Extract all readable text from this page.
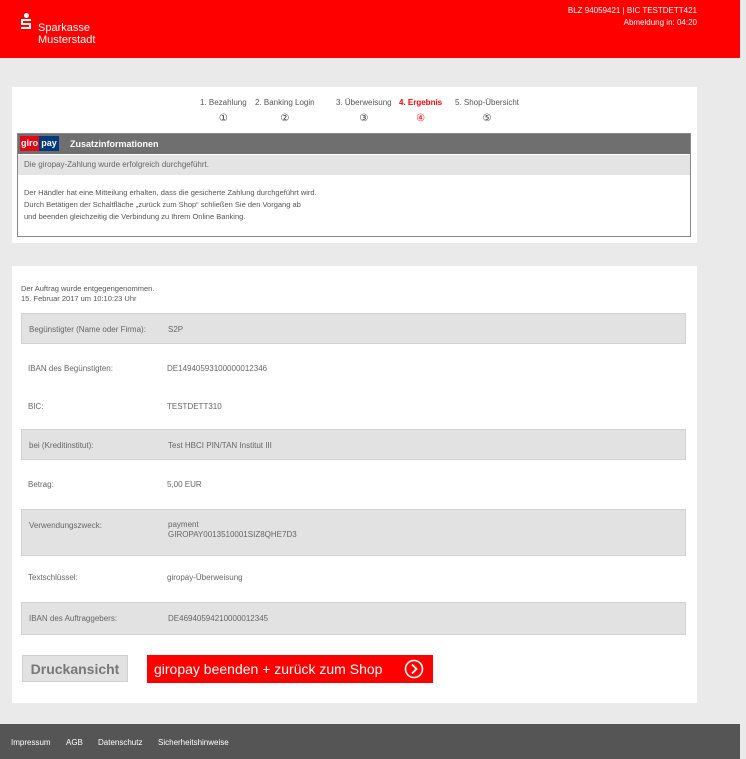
Sparkasse
Musterstadt
BLZ 94059421 | BIC TESTDETT421
Abmeldung in: 04:20
1. Bezahlung
①
2. Banking Login
②
3. Überweisung
③
4. Ergebnis
④
5. Shop-Übersicht
⑤
giro pay Zusatzinformationen
Die giropay-Zahlung wurde erfolgreich durchgeführt.
Der Händler hat eine Mitteilung erhalten, dass die gesicherte Zahlung durchgeführt wird.
Durch Betätigen der Schaltfläche „zurück zum Shop“ schließen Sie den Vorgang ab
und beenden gleichzeitig die Verbindung zu Ihrem Online Banking.
Der Auftrag wurde entgegengenommen.
15. Februar 2017 um 10:10:23 Uhr
Begünstigter (Name oder Firma):	S2P
IBAN des Begünstigten:	DE14940593100000012346
BIC:	TESTDETT310
bei (Kreditinstitut):	Test HBCI PIN/TAN Institut III
Betrag:	5,00 EUR
Verwendungszweck:	payment
GIROPAY0013510001SIZ8QHE7D3
Textschlüssel:	giropay-Überweisung
IBAN des Auftraggebers:	DE46940594210000012345
Druckansicht	giropay beenden + zurück zum Shop
Impressum AGB Datenschutz Sicherheitshinweise
